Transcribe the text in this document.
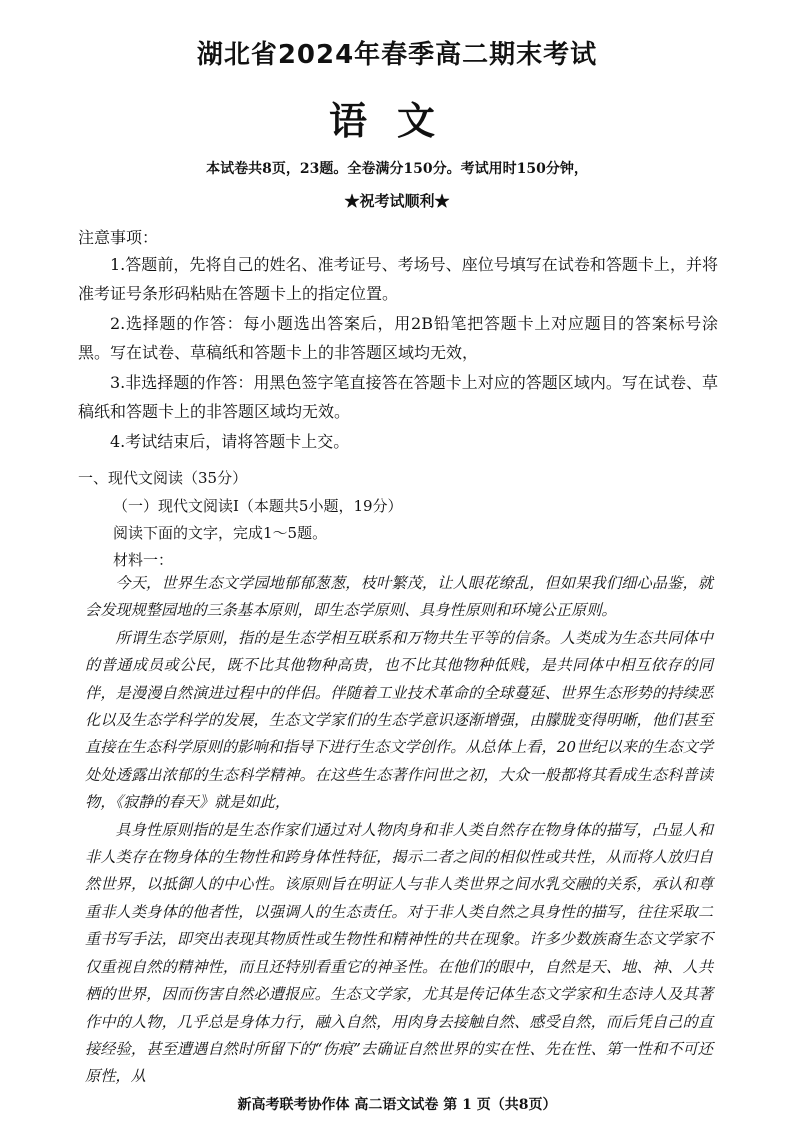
湖北省2024年春季高二期末考试
语文
本试卷共8页，23题。全卷满分150分。考试用时150分钟，
★祝考试顺利★
注意事项：

1.答题前，先将自己的姓名、准考证号、考场号、座位号填写在试卷和答题卡上，并将准考证号条形码粘贴在答题卡上的指定位置。

2.选择题的作答：每小题选出答案后，用2B铅笔把答题卡上对应题目的答案标号涂黑。写在试卷、草稿纸和答题卡上的非答题区域均无效，

3.非选择题的作答：用黑色签字笔直接答在答题卡上对应的答题区域内。写在试卷、草稿纸和答题卡上的非答题区域均无效。

4.考试结束后，请将答题卡上交。

一、现代文阅读（35分）
（一）现代文阅读Ⅰ（本题共5小题，19分）
阅读下面的文字，完成1～5题。
材料一：

今天，世界生态文学园地郁郁葱葱，枝叶繁茂，让人眼花缭乱，但如果我们细心品鉴，就会发现规整园地的三条基本原则，即生态学原则、具身性原则和环境公正原则。

所谓生态学原则，指的是生态学相互联系和万物共生平等的信条。人类成为生态共同体中的普通成员或公民，既不比其他物种高贵，也不比其他物种低贱，是共同体中相互依存的同伴，是漫漫自然演进过程中的伴侣。伴随着工业技术革命的全球蔓延、世界生态形势的持续恶化以及生态学科学的发展，生态文学家们的生态学意识逐渐增强，由朦胧变得明晰，他们甚至直接在生态科学原则的影响和指导下进行生态文学创作。从总体上看，20世纪以来的生态文学处处透露出浓郁的生态科学精神。在这些生态著作问世之初，大众一般都将其看成生态科普读物，《寂静的春天》就是如此，

具身性原则指的是生态作家们通过对人物肉身和非人类自然存在物身体的描写，凸显人和非人类存在物身体的生物性和跨身体性特征，揭示二者之间的相似性或共性，从而将人放归自然世界，以抵御人的中心性。该原则旨在明证人与非人类世界之间水乳交融的关系，承认和尊重非人类身体的他者性，以强调人的生态责任。对于非人类自然之具身性的描写，往往采取二重书写手法，即突出表现其物质性或生物性和精神性的共在现象。许多少数族裔生态文学家不仅重视自然的精神性，而且还特别看重它的神圣性。在他们的眼中，自然是天、地、神、人共栖的世界，因而伤害自然必遭报应。生态文学家，尤其是传记体生态文学家和生态诗人及其著作中的人物，几乎总是身体力行，融入自然，用肉身去接触自然、感受自然，而后凭自己的直接经验，甚至遭遇自然时所留下的“伤痕”去确证自然世界的实在性、先在性、第一性和不可还原性，从

新高考联考协作体 高二语文试卷 第 1 页（共8页）
